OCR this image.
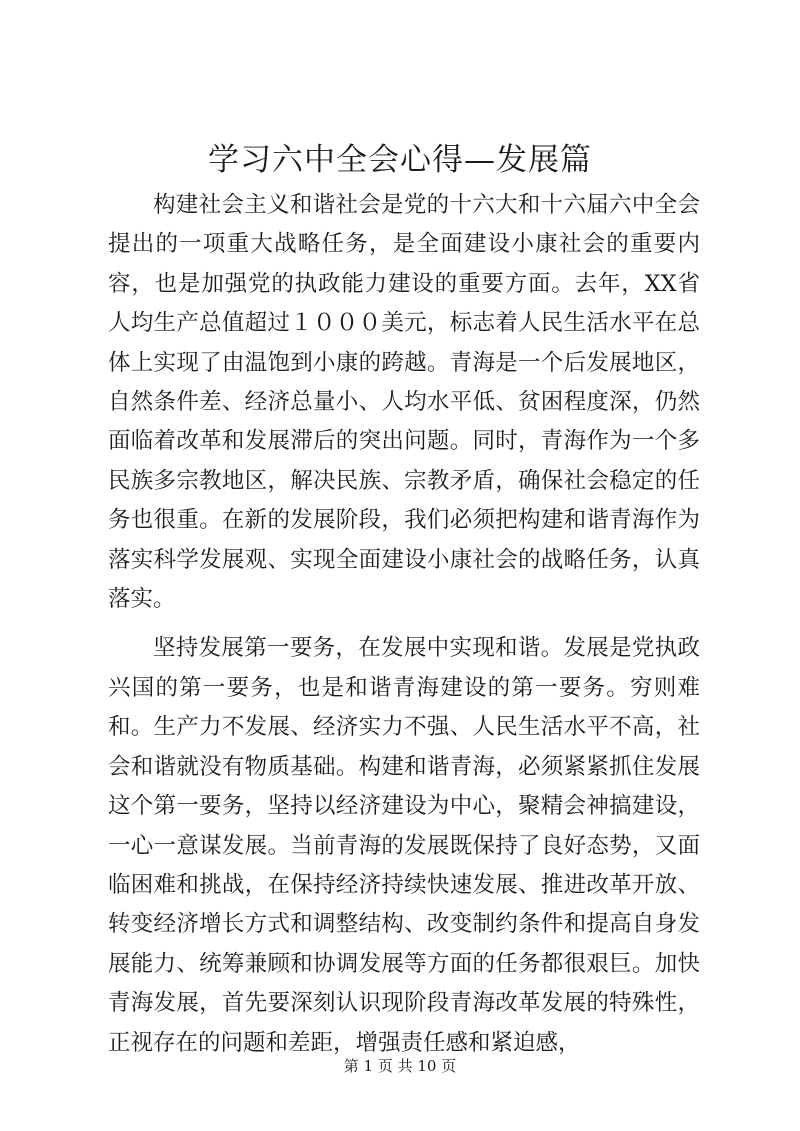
学习六中全会心得—发展篇

构建社会主义和谐社会是党的十六大和十六届六中全会提出的一项重大战略任务，是全面建设小康社会的重要内容，也是加强党的执政能力建设的重要方面。去年，XX省人均生产总值超过１０００美元，标志着人民生活水平在总体上实现了由温饱到小康的跨越。青海是一个后发展地区，自然条件差、经济总量小、人均水平低、贫困程度深，仍然面临着改革和发展滞后的突出问题。同时，青海作为一个多民族多宗教地区，解决民族、宗教矛盾，确保社会稳定的任务也很重。在新的发展阶段，我们必须把构建和谐青海作为落实科学发展观、实现全面建设小康社会的战略任务，认真落实。

坚持发展第一要务，在发展中实现和谐。发展是党执政兴国的第一要务，也是和谐青海建设的第一要务。穷则难和。生产力不发展、经济实力不强、人民生活水平不高，社会和谐就没有物质基础。构建和谐青海，必须紧紧抓住发展这个第一要务，坚持以经济建设为中心，聚精会神搞建设，一心一意谋发展。当前青海的发展既保持了良好态势，又面临困难和挑战，在保持经济持续快速发展、推进改革开放、转变经济增长方式和调整结构、改变制约条件和提高自身发展能力、统筹兼顾和协调发展等方面的任务都很艰巨。加快青海发展，首先要深刻认识现阶段青海改革发展的特殊性，正视存在的问题和差距，增强责任感和紧迫感，

第 1 页 共 10 页
